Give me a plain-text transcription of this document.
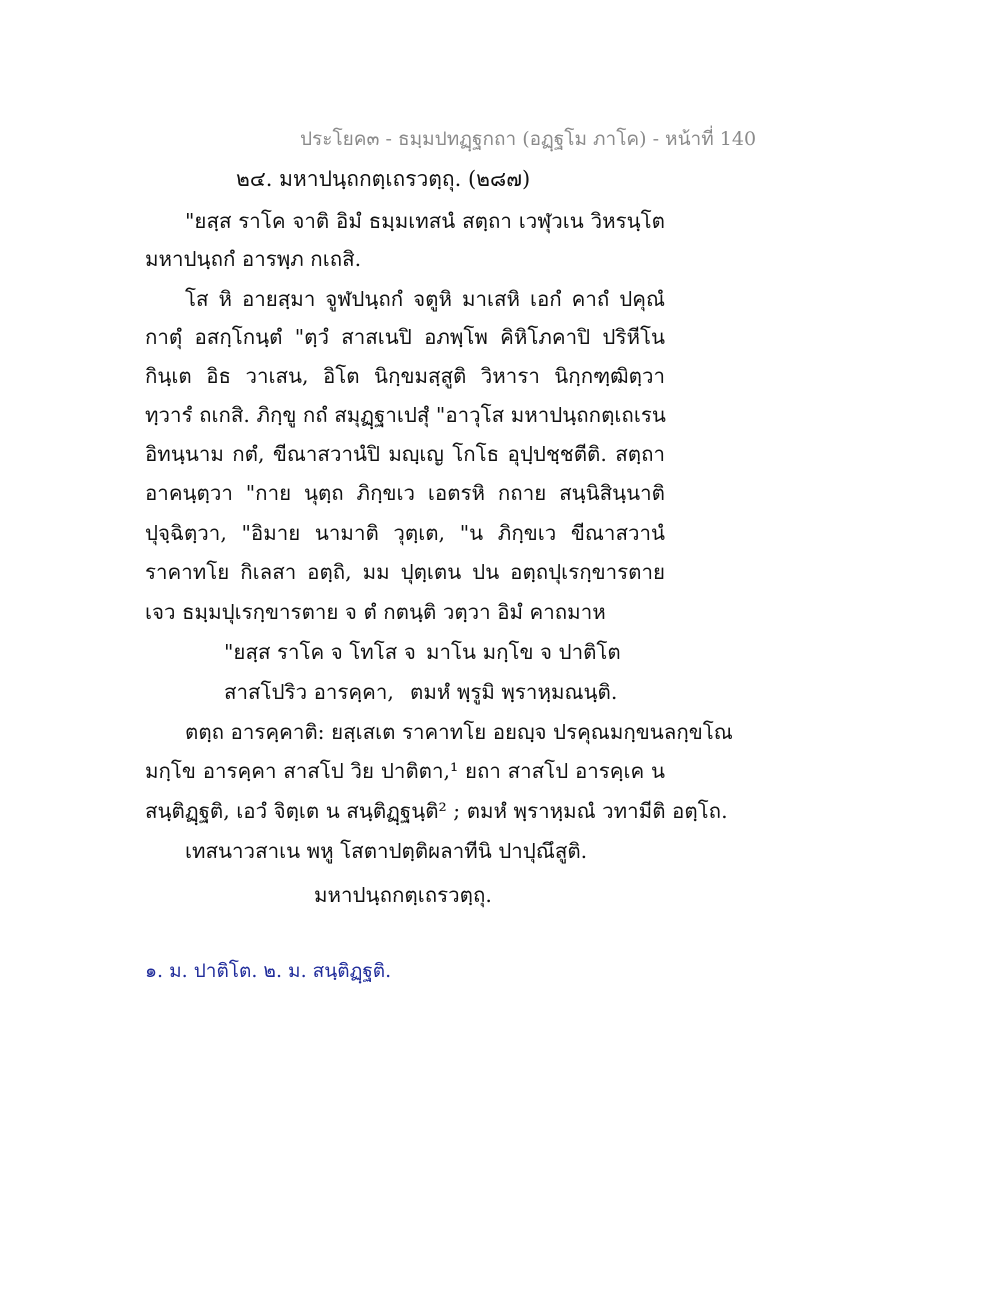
ประโยค๓ - ธมฺมปทฏฺฐกถา (อฏฺฐโม ภาโค) - หน้าที่ 140
๒๔. มหาปนฺถกตฺเถรวตฺถุ. (๒๘๗)
"ยสฺส ราโค จาติ อิมํ ธมฺมเทสนํ สตฺถา เวฬุวเน วิหรนฺโต
มหาปนฺถกํ อารพฺภ กเถสิ.
โส หิ อายสฺมา จูฬปนฺถกํ จตูหิ มาเสหิ เอกํ คาถํ ปคุณํ
กาตุํ อสกฺโกนฺตํ "ตฺวํ สาสเนปิ อภพฺโพ คิหิโภคาปิ ปริหีโน
กินฺเต อิธ วาเสน, อิโต นิกฺขมสฺสูติ วิหารา นิกฺกฑฺฒิตฺวา
ทฺวารํ ถเกสิ. ภิกฺขู กถํ สมุฏฺฐาเปสุํ "อาวุโส มหาปนฺถกตฺเถเรน
อิทนฺนาม กตํ, ขีณาสวานํปิ มญฺเญ โกโธ อุปฺปชฺชตีติ. สตฺถา
อาคนฺตฺวา "กาย นุตฺถ ภิกฺขเว เอตรหิ กถาย สนฺนิสินฺนาติ
ปุจฺฉิตฺวา, "อิมาย นามาติ วุตฺเต, "น ภิกฺขเว ขีณาสวานํ
ราคาทโย กิเลสา อตฺถิ, มม ปุตฺเตน ปน อตฺถปุเรกฺขารตาย
เจว ธมฺมปุเรกฺขารตาย จ ตํ กตนฺติ วตฺวา อิมํ คาถมาห
"ยสฺส ราโค จ โทโส จ มาโน มกฺโข จ ปาติโต
สาสโปริว อารคฺคา, ตมหํ พฺรูมิ พฺราหฺมณนฺติ.
ตตฺถ อารคฺคาติ: ยสฺเสเต ราคาทโย อยญฺจ ปรคุณมกฺขนลกฺขโณ
มกฺโข อารคฺคา สาสโป วิย ปาติตา,¹ ยถา สาสโป อารคฺเค น
สนฺติฏฺฐติ, เอวํ จิตฺเต น สนฺติฏฺฐนฺติ² ; ตมหํ พฺราหฺมณํ วทามีติ อตฺโถ.
เทสนาวสาเน พหู โสตาปตฺติผลาทีนิ ปาปุณึสูติ.
มหาปนฺถกตฺเถรวตฺถุ.
๑. ม. ปาติโต. ๒. ม. สนฺติฏฺฐติ.
